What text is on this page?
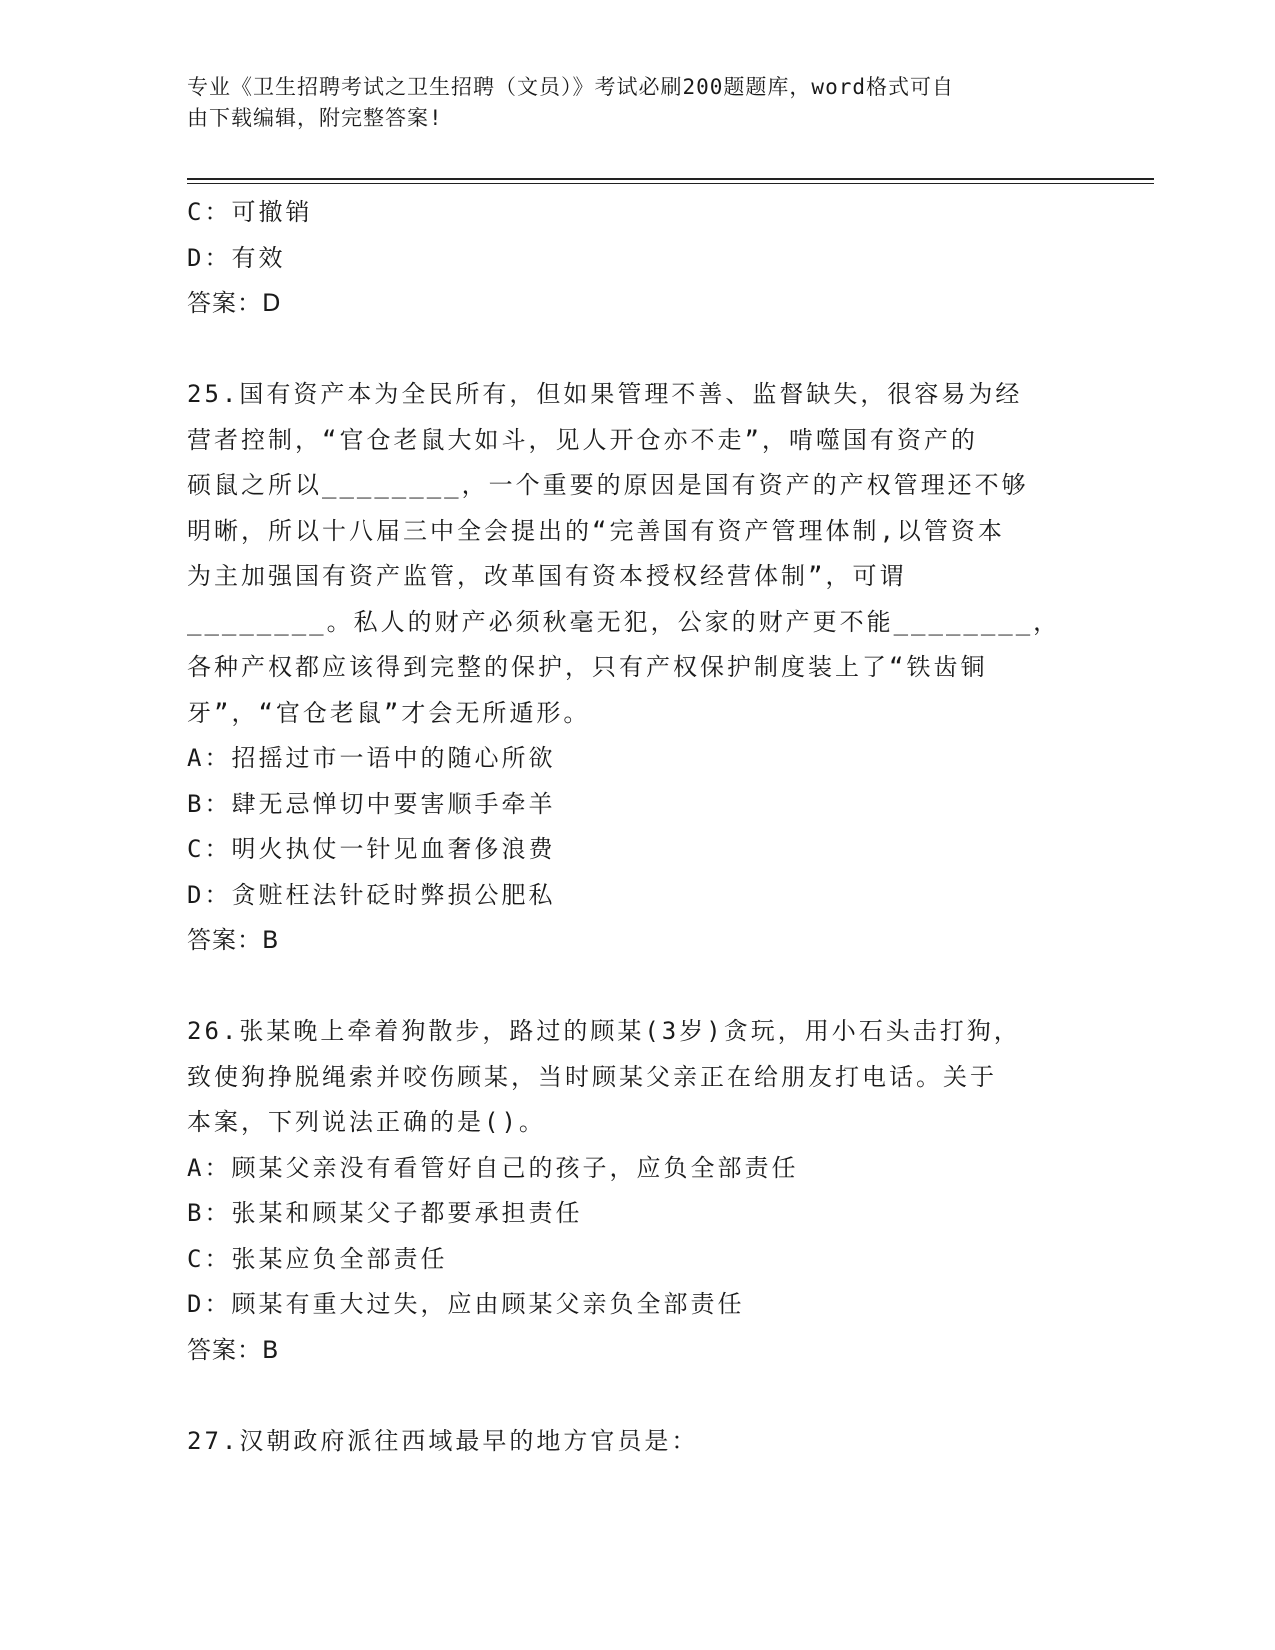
专业《卫生招聘考试之卫生招聘（文员）》考试必刷200题题库，word格式可自
由下载编辑，附完整答案!

C：可撤销

D：有效

答案：D

25.国有资产本为全民所有，但如果管理不善、监督缺失，很容易为经

营者控制，“官仓老鼠大如斗，见人开仓亦不走”，啃噬国有资产的

硕鼠之所以________，一个重要的原因是国有资产的产权管理还不够

明晰，所以十八届三中全会提出的“完善国有资产管理体制,以管资本

为主加强国有资产监管，改革国有资本授权经营体制”，可谓

________。私人的财产必须秋毫无犯，公家的财产更不能________，

各种产权都应该得到完整的保护，只有产权保护制度装上了“铁齿铜

牙”，“官仓老鼠”才会无所遁形。

A：招摇过市一语中的随心所欲

B：肆无忌惮切中要害顺手牵羊

C：明火执仗一针见血奢侈浪费

D：贪赃枉法针砭时弊损公肥私

答案：B

26.张某晚上牵着狗散步，路过的顾某(3岁)贪玩，用小石头击打狗，

致使狗挣脱绳索并咬伤顾某，当时顾某父亲正在给朋友打电话。关于

本案，下列说法正确的是()。

A：顾某父亲没有看管好自己的孩子，应负全部责任

B：张某和顾某父子都要承担责任

C：张某应负全部责任

D：顾某有重大过失，应由顾某父亲负全部责任

答案：B

27.汉朝政府派往西域最早的地方官员是：
